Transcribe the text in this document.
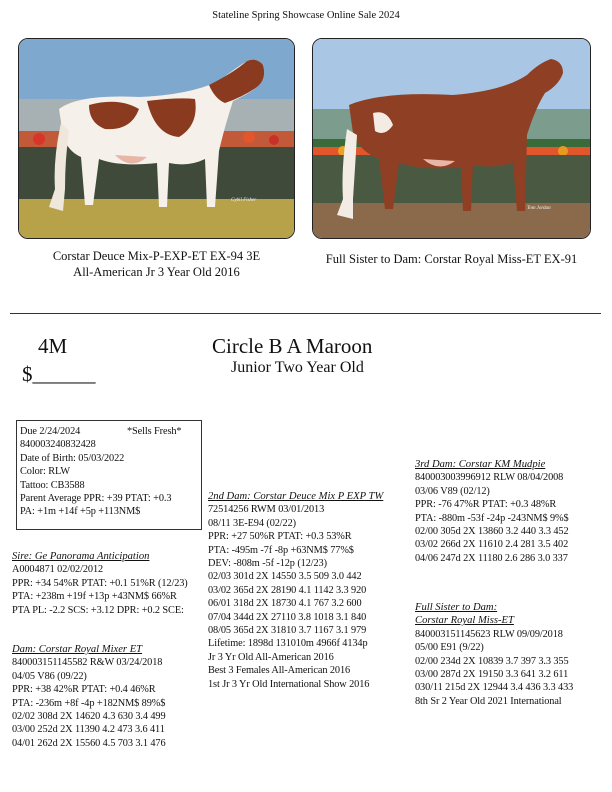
Stateline Spring Showcase Online Sale 2024
Cybil Fisher
Tom Jordan
Corstar Deuce Mix-P-EXP-ET EX-94 3E
All-American Jr 3 Year Old 2016
Full Sister to Dam: Corstar Royal Miss-ET EX-91
4M
$______
Circle B A Maroon
Junior Two Year Old
Due 2/24/2024
840003240832428
Date of Birth: 05/03/2022
Color: RLW
Tattoo: CB3588
Parent Average PPR: +39 PTAT: +0.3
PA: +1m +14f +5p +113NM$
*Sells Fresh*
Sire: Ge Panorama Anticipation
A0004871 02/02/2012
PPR: +34 54%R PTAT: +0.1 51%R (12/23)
PTA: +238m +19f +13p +43NM$ 66%R
PTA PL: -2.2 SCS: +3.12 DPR: +0.2 SCE:
Dam: Corstar Royal Mixer ET
840003151145582 R&W 03/24/2018
04/05 V86 (09/22)
PPR: +38 42%R PTAT: +0.4 46%R
PTA: -236m +8f -4p +182NM$ 89%$
02/02 308d 2X 14620 4.3 630 3.4 499
03/00 252d 2X 11390 4.2 473 3.6 411
04/01 262d 2X 15560 4.5 703 3.1 476
2nd Dam: Corstar Deuce Mix P EXP TW
72514256 RWM 03/01/2013
08/11 3E-E94 (02/22)
PPR: +27 50%R PTAT: +0.3 53%R
PTA: -495m -7f -8p +63NM$ 77%$
DEV: -808m -5f -12p (12/23)
02/03 301d 2X 14550 3.5 509 3.0 442
03/02 365d 2X 28190 4.1 1142 3.3 920
06/01 318d 2X 18730 4.1 767 3.2 600
07/04 344d 2X 27110 3.8 1018 3.1 840
08/05 365d 2X 31810 3.7 1167 3.1 979
Lifetime: 1898d 131010m 4966f 4134p
Jr 3 Yr Old All-American 2016
Best 3 Females All-American 2016
1st Jr 3 Yr Old International Show 2016
3rd Dam: Corstar KM Mudpie
840003003996912 RLW 08/04/2008
03/06 V89 (02/12)
PPR: -76 47%R PTAT: +0.3 48%R
PTA: -880m -53f -24p -243NM$ 9%$
02/00 305d 2X 13860 3.2 440 3.3 452
03/02 266d 2X 11610 2.4 281 3.5 402
04/06 247d 2X 11180 2.6 286 3.0 337
Full Sister to Dam:
Corstar Royal Miss-ET
840003151145623 RLW 09/09/2018
05/00 E91 (9/22)
02/00 234d 2X 10839 3.7 397 3.3 355
03/00 287d 2X 19150 3.3 641 3.2 611
030/11 215d 2X 12944 3.4 436 3.3 433
8th Sr 2 Year Old 2021 International
